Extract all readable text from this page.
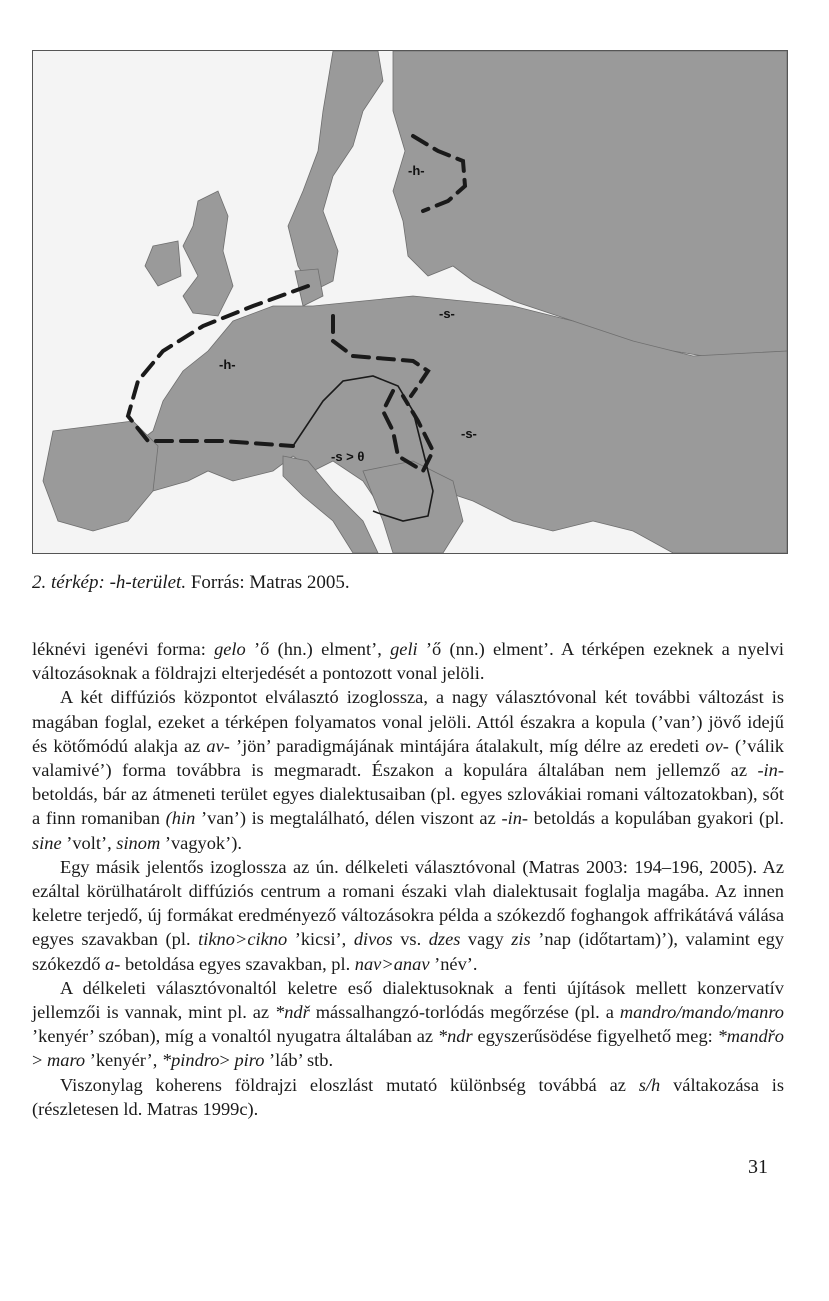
-h-
-h-
-s-
-s-
-s > θ
2. térkép: -h-terület. Forrás: Matras 2005.

léknévi igenévi forma: gelo ’ő (hn.) elment’, geli ’ő (nn.) elment’. A térképen ezeknek a nyelvi változásoknak a földrajzi elterjedését a pontozott vonal jelöli.

A két diffúziós központot elválasztó izoglossza, a nagy választóvonal két további változást is magában foglal, ezeket a térképen folyamatos vonal jelöli. Attól északra a kopula (’van’) jövő idejű és kötőmódú alakja az av- ’jön’ paradigmájának mintájára átalakult, míg délre az eredeti ov- (’válik valamivé’) forma továbbra is megmaradt. Északon a kopulára általában nem jellemző az -in- betoldás, bár az átmeneti terület egyes dialektusaiban (pl. egyes szlovákiai romani változatokban), sőt a finn romaniban (hin ’van’) is megtalálható, délen viszont az -in- betoldás a kopulában gyakori (pl. sine ’volt’, sinom ’vagyok’).

Egy másik jelentős izoglossza az ún. délkeleti választóvonal (Matras 2003: 194–196, 2005). Az ezáltal körülhatárolt diffúziós centrum a romani északi vlah dialektusait foglalja magába. Az innen keletre terjedő, új formákat eredményező változásokra példa a szókezdő foghangok affrikátává válása egyes szavakban (pl. tikno>cikno ’kicsi’, divos vs. dzes vagy zis ’nap (időtartam)’), valamint egy szókezdő a- betoldása egyes szavakban, pl. nav>anav ’név’.

A délkeleti választóvonaltól keletre eső dialektusoknak a fenti újítások mellett konzervatív jellemzői is vannak, mint pl. az *ndř mássalhangzó-torlódás megőrzése (pl. a mandro/mando/manro ’kenyér’ szóban), míg a vonaltól nyugatra általában az *ndr egyszerűsödése figyelhető meg: *mandřo > maro ’kenyér’, *pindro> piro ’láb’ stb.

Viszonylag koherens földrajzi eloszlást mutató különbség továbbá az s/h váltakozása is (részletesen ld. Matras 1999c).

31
